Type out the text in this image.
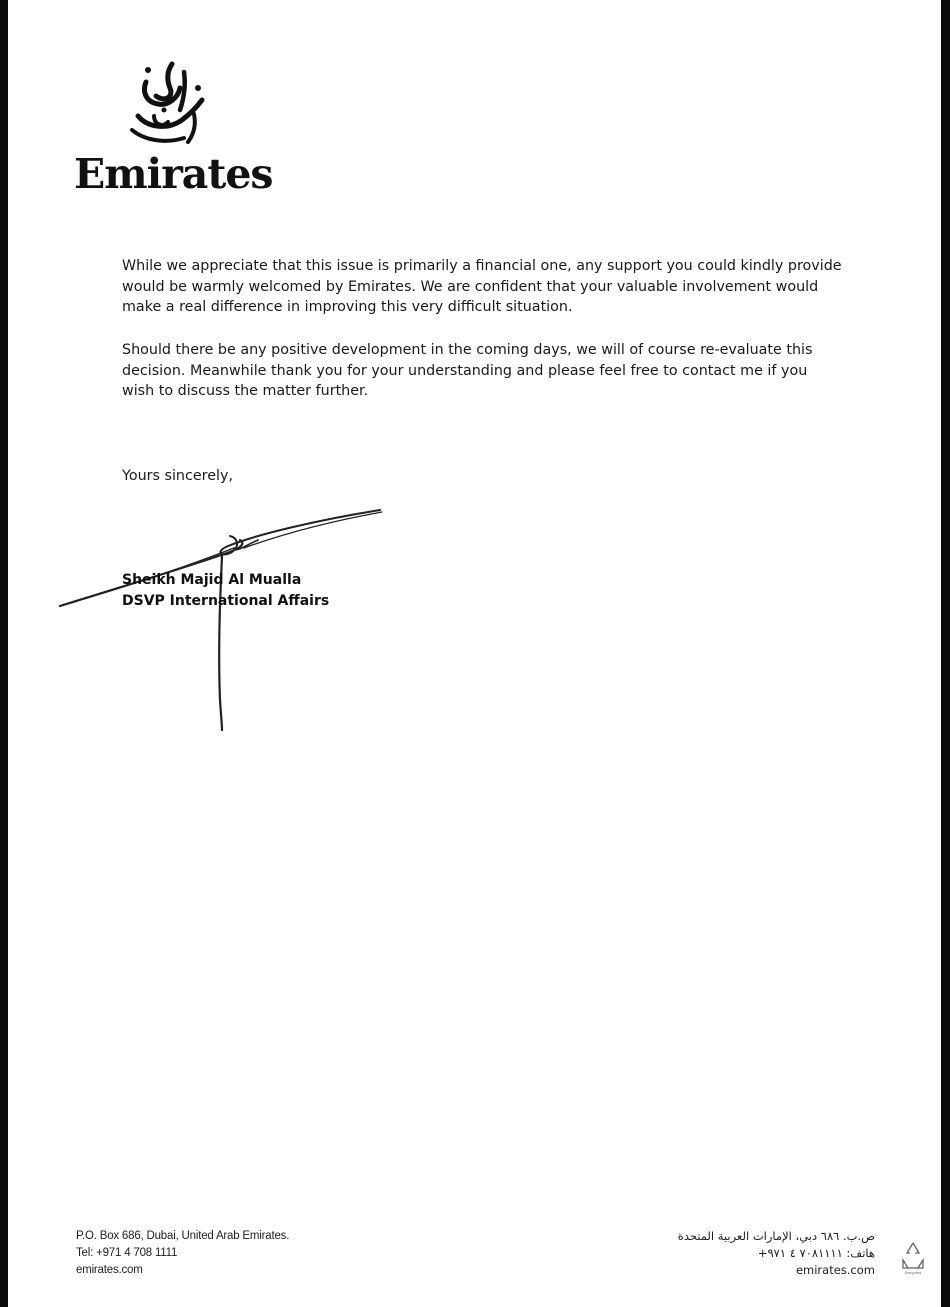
Emirates

While we appreciate that this issue is primarily a financial one, any support you could kindly provide would be warmly welcomed by Emirates. We are confident that your valuable involvement would make a real difference in improving this very difficult situation.

Should there be any positive development in the coming days, we will of course re-evaluate this decision. Meanwhile thank you for your understanding and please feel free to contact me if you wish to discuss the matter further.

Yours sincerely,

Sheikh Majid Al Mualla
DSVP International Affairs
P.O. Box 686, Dubai, United Arab Emirates.
Tel: +971 4 708 1111
emirates.com
ص.ب. ٦٨٦ دبي، الإمارات العربية المتحدة
هاتف: ٧٠٨١١١١ ٤ ٩٧١+
emirates.com	Recycled
